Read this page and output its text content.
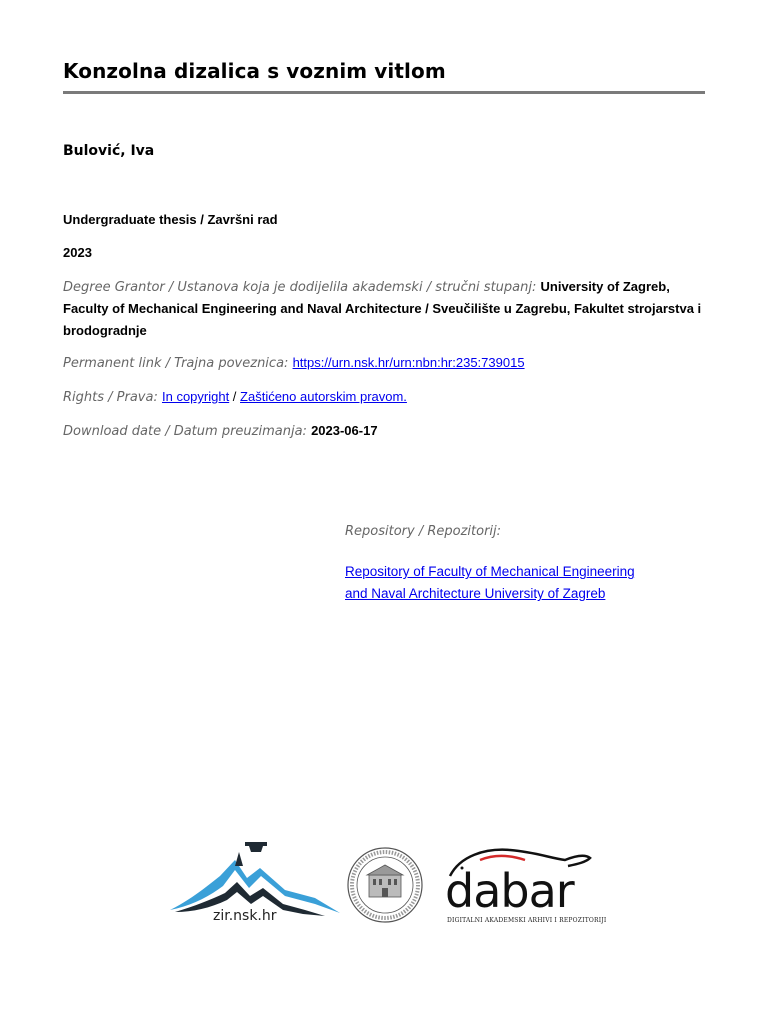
Konzolna dizalica s voznim vitlom
Bulović, Iva
Undergraduate thesis / Završni rad
2023
Degree Grantor / Ustanova koja je dodijelila akademski / stručni stupanj: University of Zagreb, Faculty of Mechanical Engineering and Naval Architecture / Sveučilište u Zagrebu, Fakultet strojarstva i brodogradnje
Permanent link / Trajna poveznica: https://urn.nsk.hr/urn:nbn:hr:235:739015
Rights / Prava: In copyright / Zaštićeno autorskim pravom.
Download date / Datum preuzimanja: 2023-06-17
Repository / Repozitorij:
Repository of Faculty of Mechanical Engineering
and Naval Architecture University of Zagreb
zir.nsk.hr	dabar
DIGITALNI AKADEMSKI ARHIVI I REPOZITORIJI
